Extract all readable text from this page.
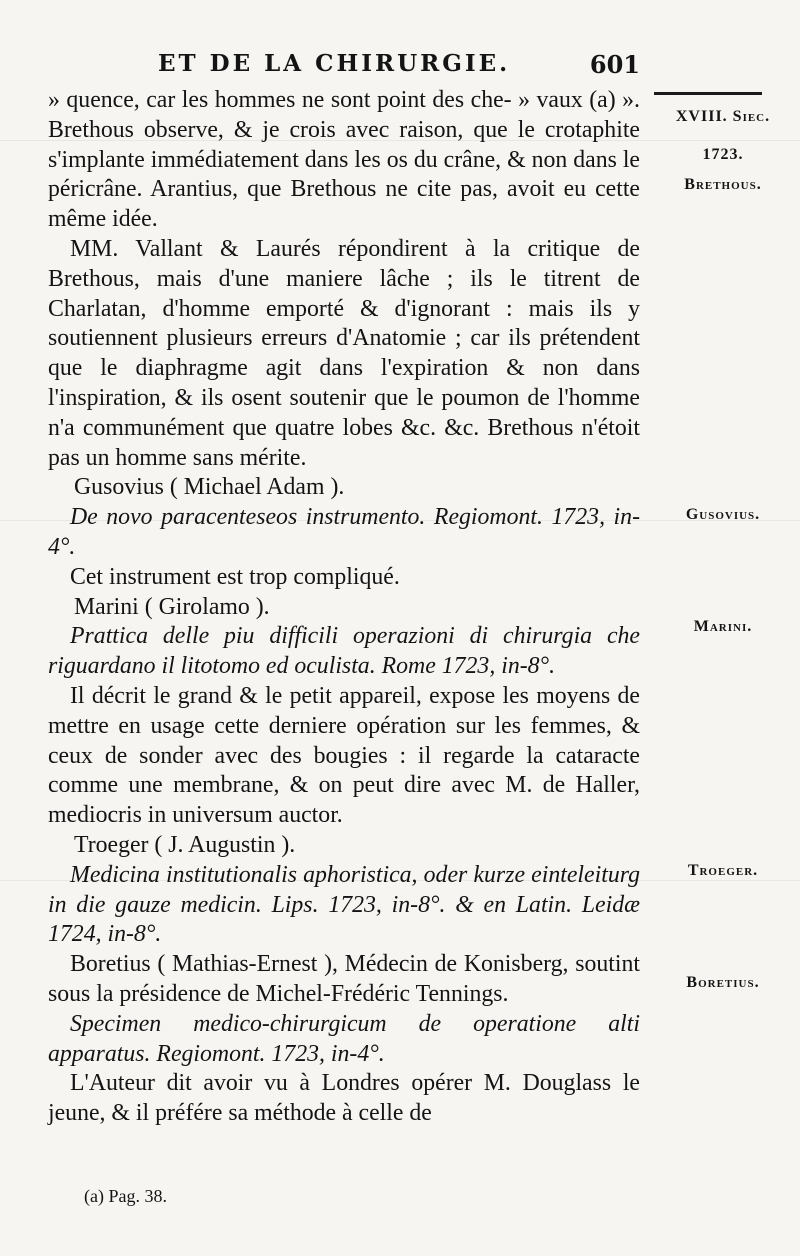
ET DE LA CHIRURGIE.	601

» quence, car les hommes ne sont point des che- » vaux (a) ». Brethous observe, & je crois avec raison, que le crotaphite s'implante immédiatement dans les os du crâne, & non dans le péricrâne. Arantius, que Brethous ne cite pas, avoit eu cette même idée.

MM. Vallant & Laurés répondirent à la critique de Brethous, mais d'une maniere lâche ; ils le titrent de Charlatan, d'homme emporté & d'ignorant : mais ils y soutiennent plusieurs erreurs d'Anatomie ; car ils prétendent que le diaphragme agit dans l'expiration & non dans l'inspiration, & ils osent soutenir que le poumon de l'homme n'a communément que quatre lobes &c. &c. Brethous n'étoit pas un homme sans mérite.

Gusovius ( Michael Adam ).

De novo paracenteseos instrumento. Regiomont. 1723, in-4°.

Cet instrument est trop compliqué.

Marini ( Girolamo ).

Prattica delle piu difficili operazioni di chirurgia che riguardano il litotomo ed oculista. Rome 1723, in-8°.

Il décrit le grand & le petit appareil, expose les moyens de mettre en usage cette derniere opération sur les femmes, & ceux de sonder avec des bougies : il regarde la cataracte comme une membrane, & on peut dire avec M. de Haller, mediocris in universum auctor.

Troeger ( J. Augustin ).

Medicina institutionalis aphoristica, oder kurze einteleiturg in die gauze medicin. Lips. 1723, in-8°. & en Latin. Leidæ 1724, in-8°.

Boretius ( Mathias-Ernest ), Médecin de Konisberg, soutint sous la présidence de Michel-Frédéric Tennings.

Specimen medico-chirurgicum de operatione alti apparatus. Regiomont. 1723, in-4°.

L'Auteur dit avoir vu à Londres opérer M. Douglass le jeune, & il préfére sa méthode à celle de

XVIII. Siec.
1723.
Brethous.
Gusovius.
Marini.
Troeger.
Boretius.
(a) Pag. 38.
